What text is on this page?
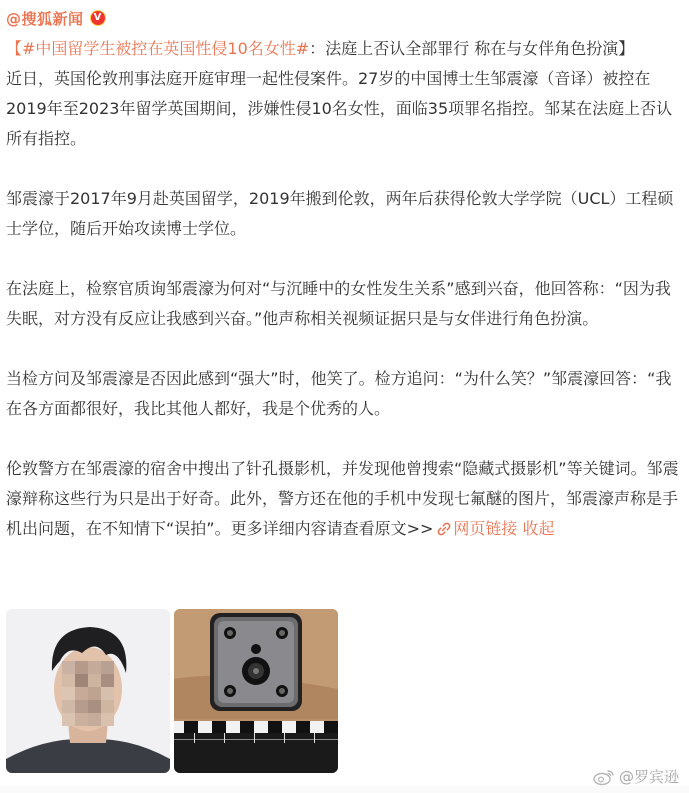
@搜狐新闻	V

【#中国留学生被控在英国性侵10名女性#：法庭上否认全部罪行 称在与女伴角色扮演】

近日，英国伦敦刑事法庭开庭审理一起性侵案件。27岁的中国博士生邹震濠（音译）被控在2019年至2023年留学英国期间，涉嫌性侵10名女性，面临35项罪名指控。邹某在法庭上否认所有指控。

邹震濠于2017年9月赴英国留学，2019年搬到伦敦，两年后获得伦敦大学学院（UCL）工程硕士学位，随后开始攻读博士学位。

在法庭上，检察官质询邹震濠为何对“与沉睡中的女性发生关系”感到兴奋，他回答称：“因为我失眠，对方没有反应让我感到兴奋。”他声称相关视频证据只是与女伴进行角色扮演。

当检方问及邹震濠是否因此感到“强大”时，他笑了。检方追问：“为什么笑？”邹震濠回答：“我在各方面都很好，我比其他人都好，我是个优秀的人。

伦敦警方在邹震濠的宿舍中搜出了针孔摄影机，并发现他曾搜索“隐藏式摄影机”等关键词。邹震濠辩称这些行为只是出于好奇。此外，警方还在他的手机中发现七氟醚的图片，邹震濠声称是手机出问题，在不知情下“误拍”。更多详细内容请查看原文>> 网页链接 收起

@罗宾逊
